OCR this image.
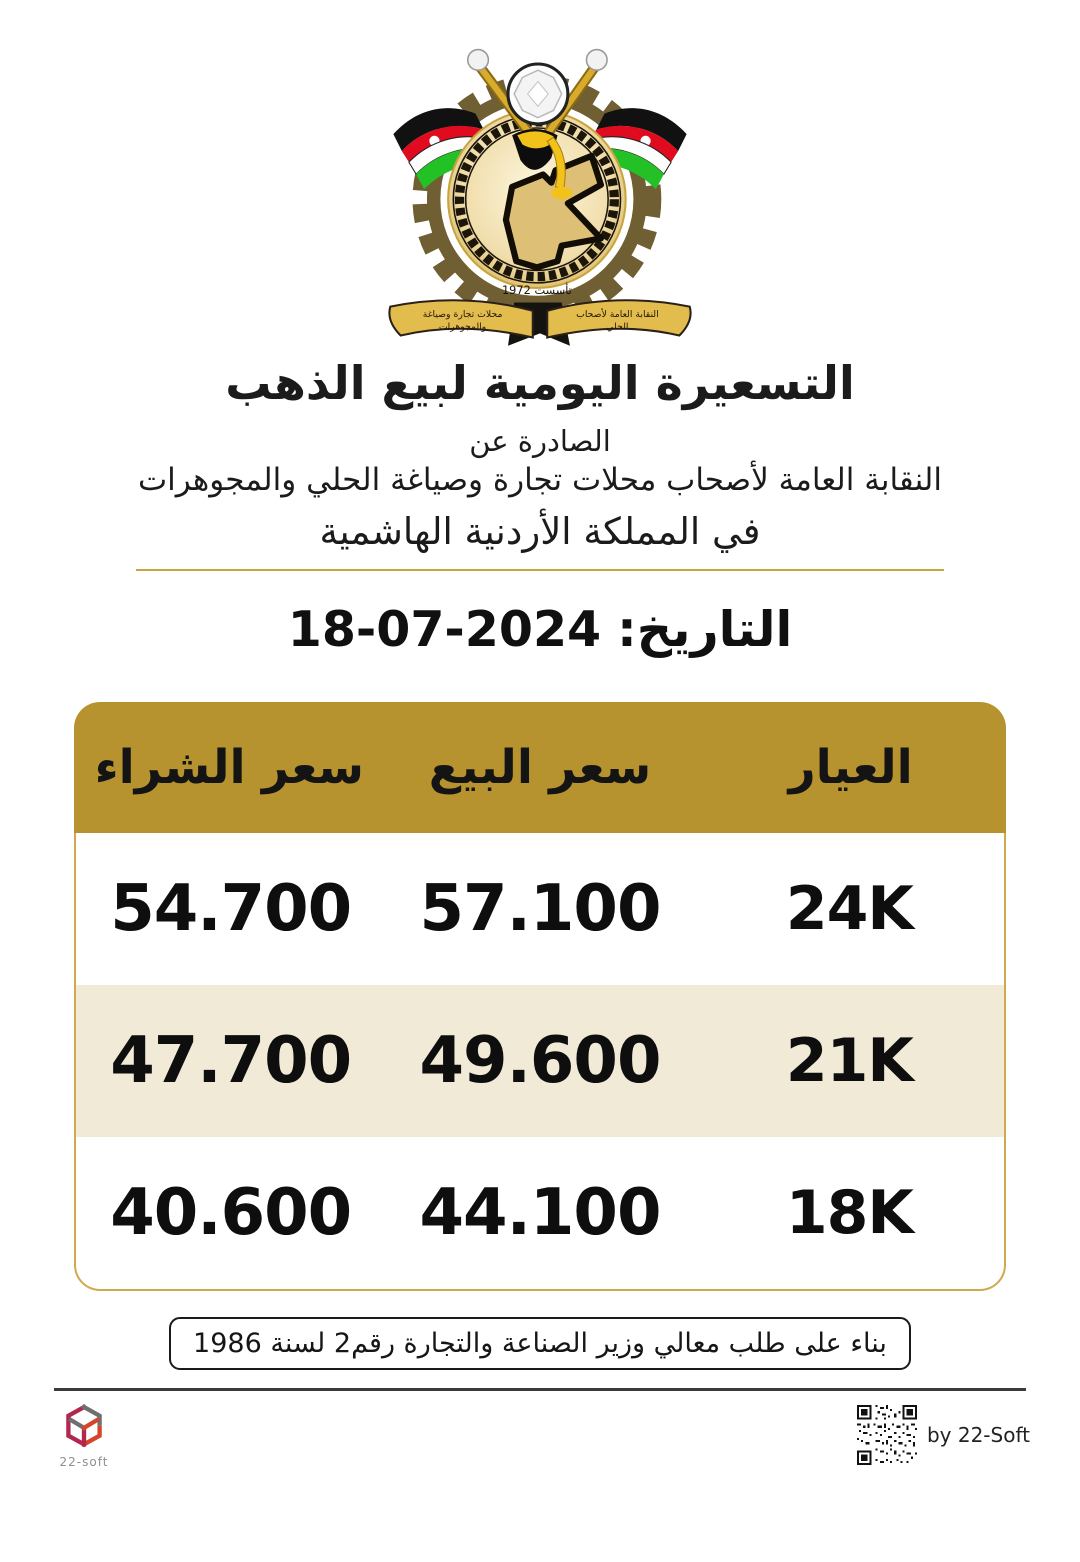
تأسست 1972
محلات تجارة وصياغة
والمجوهرات
النقابة العامة لأصحاب
الحلي
التسعيرة اليومية لبيع الذهب
الصادرة عن
النقابة العامة لأصحاب محلات تجارة وصياغة الحلي والمجوهرات
في المملكة الأردنية الهاشمية
التاريخ:
18-07-2024
العيار
سعر البيع
سعر الشراء
24K
57.100
54.700
21K
49.600
47.700
18K
44.100
40.600
بناء على طلب معالي وزير الصناعة والتجارة رقم2 لسنة 1986
22-soft
by 22-Soft
